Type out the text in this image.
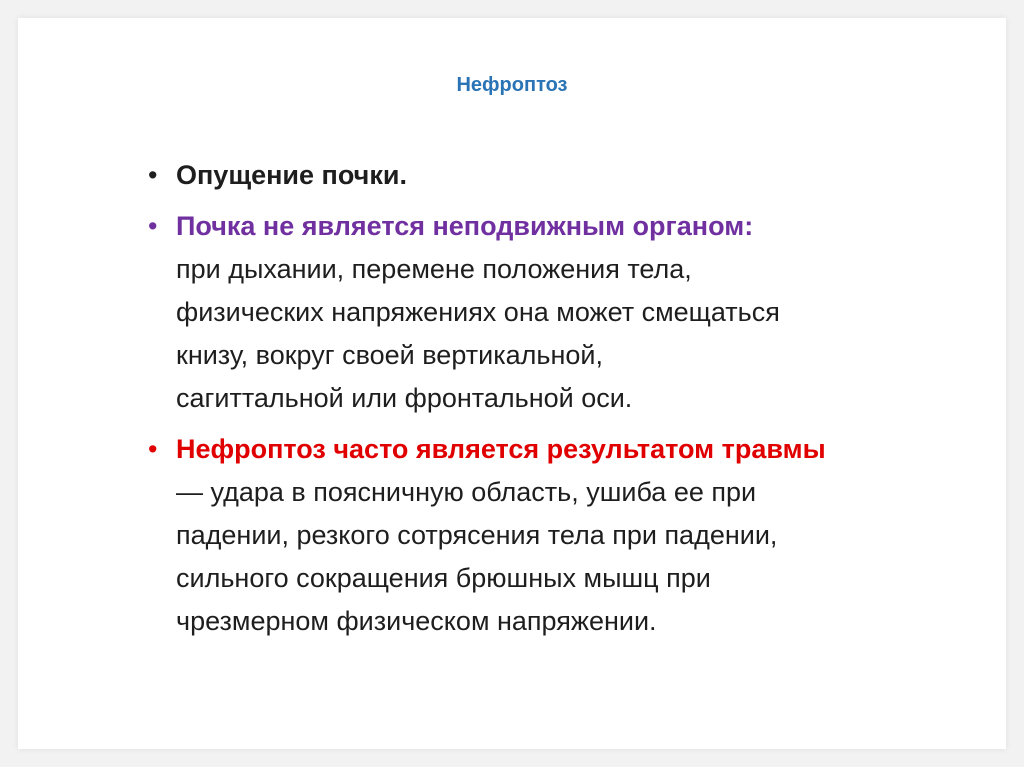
Нефроптоз
• Опущение почки.
• Почка не является неподвижным органом:
при дыхании, перемене положения тела,
физических напряжениях она может смещаться
книзу, вокруг своей вертикальной,
сагиттальной или фронтальной оси.
• Нефроптоз часто является результатом травмы
— удара в поясничную область, ушиба ее при
падении, резкого сотрясения тела при падении,
сильного сокращения брюшных мышц при
чрезмерном физическом напряжении.
